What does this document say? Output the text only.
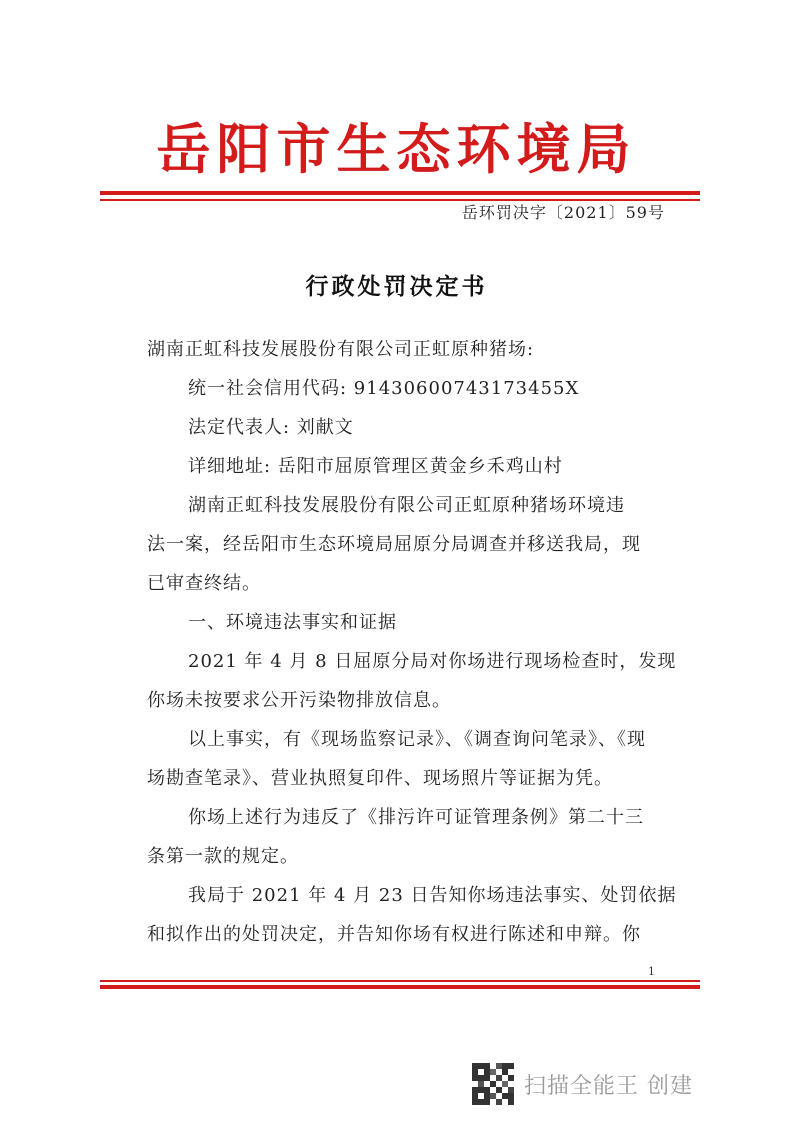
岳阳市生态环境局
岳环罚决字〔2021〕59号
行政处罚决定书
湖南正虹科技发展股份有限公司正虹原种猪场:
统一社会信用代码: 91430600743173455X
法定代表人: 刘献文
详细地址: 岳阳市屈原管理区黄金乡禾鸡山村
湖南正虹科技发展股份有限公司正虹原种猪场环境违
法一案，经岳阳市生态环境局屈原分局调查并移送我局，现
已审查终结。
一、环境违法事实和证据
2021 年 4 月 8 日屈原分局对你场进行现场检查时，发现
你场未按要求公开污染物排放信息。
以上事实，有《现场监察记录》、《调查询问笔录》、《现
场勘查笔录》、营业执照复印件、现场照片等证据为凭。
你场上述行为违反了《排污许可证管理条例》第二十三
条第一款的规定。
我局于 2021 年 4 月 23 日告知你场违法事实、处罚依据
和拟作出的处罚决定，并告知你场有权进行陈述和申辩。你
1
扫描全能王 创建
